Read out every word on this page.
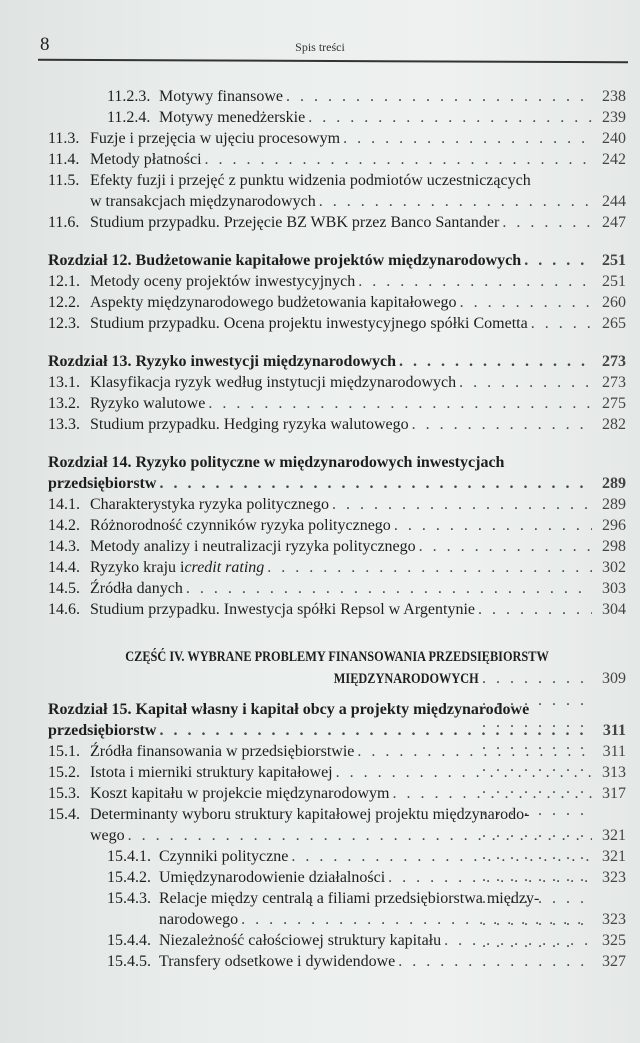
8	Spis treści
11.2.3. Motywy finansowe . . .	238
11.2.4. Motywy menedżerskie . . .	239
11.3. Fuzje i przejęcia w ujęciu procesowym . . .	240
11.4. Metody płatności . . .	242
11.5. Efekty fuzji i przejęć z punktu widzenia podmiotów uczestniczących
w transakcjach międzynarodowych . . .	244
11.6. Studium przypadku. Przejęcie BZ WBK przez Banco Santander . . .	247
Rozdział 12. Budżetowanie kapitałowe projektów międzynarodowych . . .	251
12.1. Metody oceny projektów inwestycyjnych . . .	251
12.2. Aspekty międzynarodowego budżetowania kapitałowego . . .	260
12.3. Studium przypadku. Ocena projektu inwestycyjnego spółki Cometta . . .	265
Rozdział 13. Ryzyko inwestycji międzynarodowych . . .	273
13.1. Klasyfikacja ryzyk według instytucji międzynarodowych . . .	273
13.2. Ryzyko walutowe . . .	275
13.3. Studium przypadku. Hedging ryzyka walutowego . . .	282
Rozdział 14. Ryzyko polityczne w międzynarodowych inwestycjach
przedsiębiorstw . . .	289
14.1. Charakterystyka ryzyka politycznego . . .	289
14.2. Różnorodność czynników ryzyka politycznego . . .	296
14.3. Metody analizy i neutralizacji ryzyka politycznego . . .	298
14.4. Ryzyko kraju i credit rating . . .	302
14.5. Źródła danych . . .	303
14.6. Studium przypadku. Inwestycja spółki Repsol w Argentynie . . .	304
CZĘŚĆ IV. WYBRANE PROBLEMY FINANSOWANIA PRZEDSIĘBIORSTW
MIĘDZYNARODOWYCH . . .	309
Rozdział 15. Kapitał własny i kapitał obcy a projekty międzynarodowe
przedsiębiorstw . . .	311
15.1. Źródła finansowania w przedsiębiorstwie . . .	311
15.2. Istota i mierniki struktury kapitałowej . . .	313
15.3. Koszt kapitału w projekcie międzynarodowym . . .	317
15.4. Determinanty wyboru struktury kapitałowej projektu międzynarodo-
wego . . .	321
15.4.1. Czynniki polityczne . . .	321
15.4.2. Umiędzynarodowienie działalności . . .	323
15.4.3. Relacje między centralą a filiami przedsiębiorstwa między-
narodowego . . .	323
15.4.4. Niezależność całościowej struktury kapitału . . .	325
15.4.5. Transfery odsetkowe i dywidendowe . . .	327
